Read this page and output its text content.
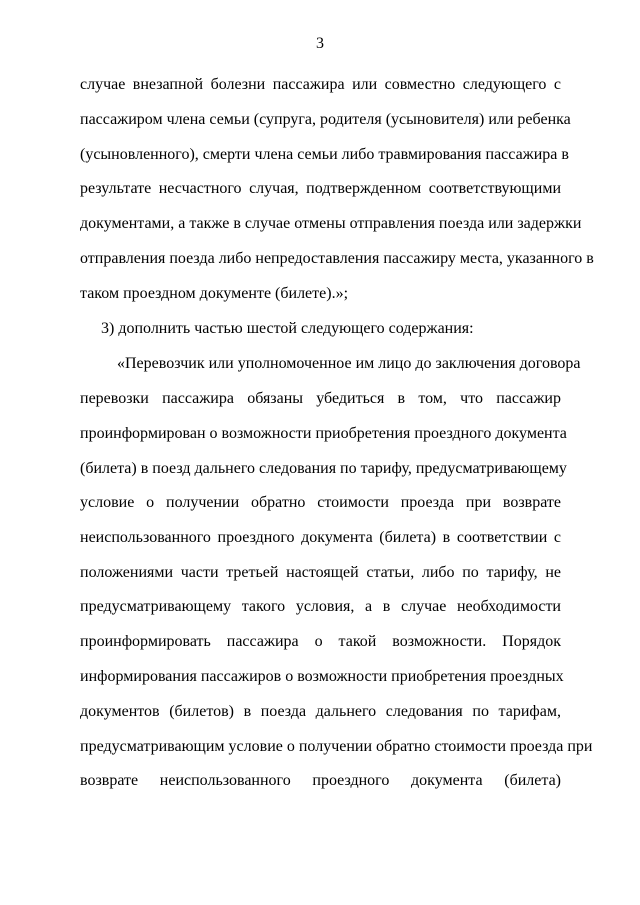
3
случае внезапной болезни пассажира или совместно следующего с
пассажиром члена семьи (супруга, родителя (усыновителя) или ребенка
(усыновленного), смерти члена семьи либо травмирования пассажира в
результате несчастного случая, подтвержденном соответствующими
документами, а также в случае отмены отправления поезда или задержки
отправления поезда либо непредоставления пассажиру места, указанного в
таком проездном документе (билете).»;
3) дополнить частью шестой следующего содержания:
«Перевозчик или уполномоченное им лицо до заключения договора
перевозки пассажира обязаны убедиться в том, что пассажир
проинформирован о возможности приобретения проездного документа
(билета) в поезд дальнего следования по тарифу, предусматривающему
условие о получении обратно стоимости проезда при возврате
неиспользованного проездного документа (билета) в соответствии с
положениями части третьей настоящей статьи, либо по тарифу, не
предусматривающему такого условия, а в случае необходимости
проинформировать пассажира о такой возможности. Порядок
информирования пассажиров о возможности приобретения проездных
документов (билетов) в поезда дальнего следования по тарифам,
предусматривающим условие о получении обратно стоимости проезда при
возврате неиспользованного проездного документа (билета)
